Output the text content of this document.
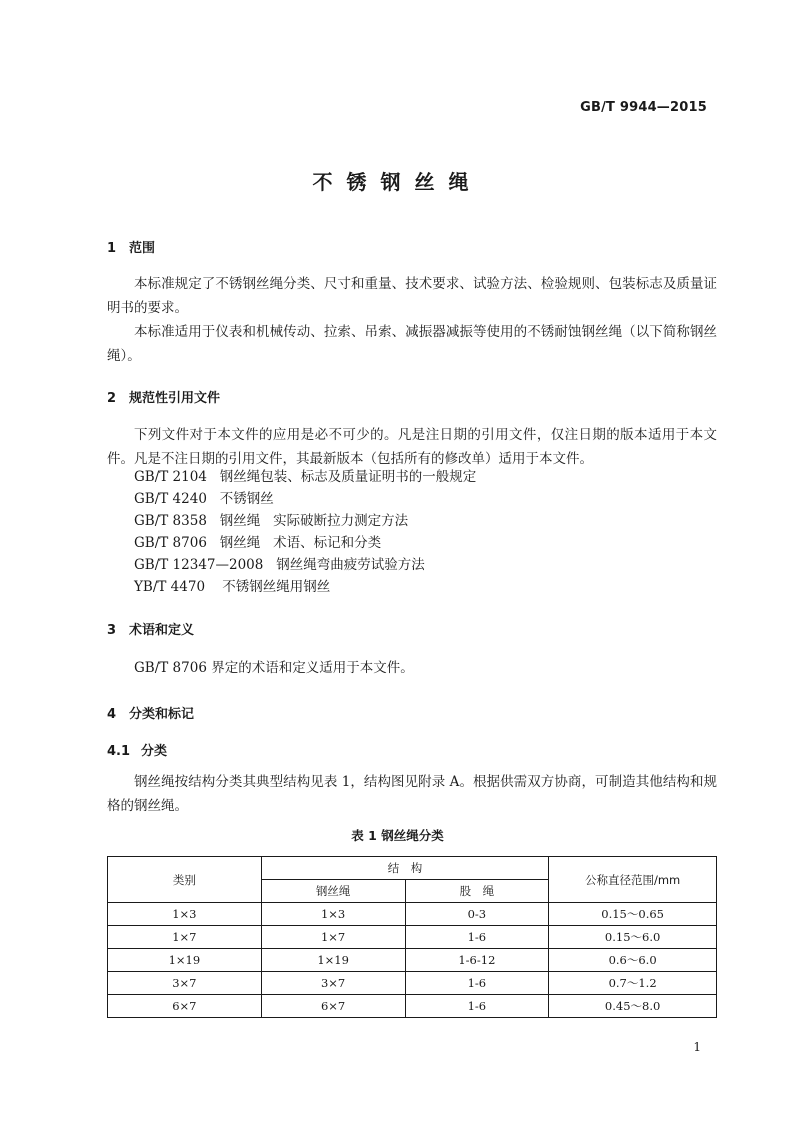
GB/T 9944—2015
不锈钢丝绳
1 范围
本标准规定了不锈钢丝绳分类、尺寸和重量、技术要求、试验方法、检验规则、包装标志及质量证明书的要求。
本标准适用于仪表和机械传动、拉索、吊索、减振器减振等使用的不锈耐蚀钢丝绳（以下简称钢丝绳）。
2 规范性引用文件
下列文件对于本文件的应用是必不可少的。凡是注日期的引用文件，仅注日期的版本适用于本文件。凡是不注日期的引用文件，其最新版本（包括所有的修改单）适用于本文件。
GB/T 2104   钢丝绳包装、标志及质量证明书的一般规定
GB/T 4240   不锈钢丝
GB/T 8358   钢丝绳   实际破断拉力测定方法
GB/T 8706   钢丝绳   术语、标记和分类
GB/T 12347—2008   钢丝绳弯曲疲劳试验方法
YB/T 4470    不锈钢丝绳用钢丝
3 术语和定义
GB/T 8706 界定的术语和定义适用于本文件。
4 分类和标记
4.1 分类
钢丝绳按结构分类其典型结构见表 1，结构图见附录 A。根据供需双方协商，可制造其他结构和规格的钢丝绳。
表 1 钢丝绳分类
类别	结　构		公称直径范围/mm
	钢丝绳	股　绳	
1×3	1×3	0-3	0.15～0.65
1×7	1×7	1-6	0.15～6.0
1×19	1×19	1-6-12	0.6～6.0
3×7	3×7	1-6	0.7～1.2
6×7	6×7	1-6	0.45～8.0
1
